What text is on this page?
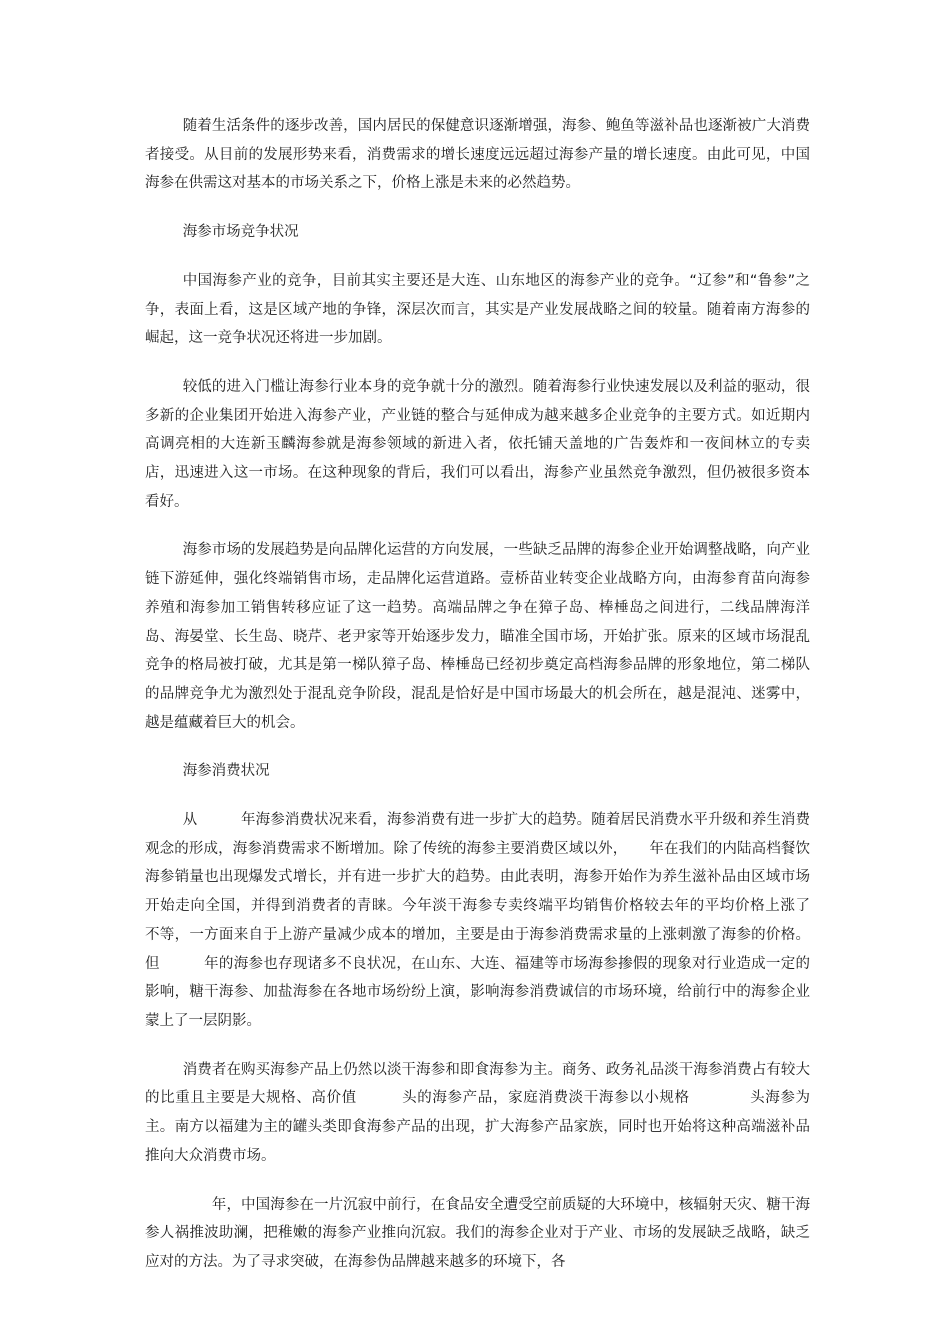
随着生活条件的逐步改善，国内居民的保健意识逐渐增强，海参、鲍鱼等滋补品也逐渐被广大消费者接受。从目前的发展形势来看，消费需求的增长速度远远超过海参产量的增长速度。由此可见，中国海参在供需这对基本的市场关系之下，价格上涨是未来的必然趋势。

海参市场竞争状况

中国海参产业的竞争，目前其实主要还是大连、山东地区的海参产业的竞争。“辽参”和“鲁参”之争，表面上看，这是区域产地的争锋，深层次而言，其实是产业发展战略之间的较量。随着南方海参的崛起，这一竞争状况还将进一步加剧。

较低的进入门槛让海参行业本身的竞争就十分的激烈。随着海参行业快速发展以及利益的驱动，很多新的企业集团开始进入海参产业，产业链的整合与延伸成为越来越多企业竞争的主要方式。如近期内高调亮相的大连新玉麟海参就是海参领域的新进入者，依托铺天盖地的广告轰炸和一夜间林立的专卖店，迅速进入这一市场。在这种现象的背后，我们可以看出，海参产业虽然竞争激烈，但仍被很多资本看好。

海参市场的发展趋势是向品牌化运营的方向发展，一些缺乏品牌的海参企业开始调整战略，向产业链下游延伸，强化终端销售市场，走品牌化运营道路。壹桥苗业转变企业战略方向，由海参育苗向海参养殖和海参加工销售转移应证了这一趋势。高端品牌之争在獐子岛、棒棰岛之间进行，二线品牌海洋岛、海晏堂、长生岛、晓芹、老尹家等开始逐步发力，瞄准全国市场，开始扩张。原来的区域市场混乱竞争的格局被打破，尤其是第一梯队獐子岛、棒棰岛已经初步奠定高档海参品牌的形象地位，第二梯队的品牌竞争尤为激烈处于混乱竞争阶段，混乱是恰好是中国市场最大的机会所在，越是混沌、迷雾中，越是蕴藏着巨大的机会。

海参消费状况

从　　　年海参消费状况来看，海参消费有进一步扩大的趋势。随着居民消费水平升级和养生消费观念的形成，海参消费需求不断增加。除了传统的海参主要消费区域以外，　　年在我们的内陆高档餐饮海参销量也出现爆发式增长，并有进一步扩大的趋势。由此表明，海参开始作为养生滋补品由区域市场开始走向全国，并得到消费者的青睐。今年淡干海参专卖终端平均销售价格较去年的平均价格上涨了　　　　不等，一方面来自于上游产量减少成本的增加，主要是由于海参消费需求量的上涨刺激了海参的价格。但　　　年的海参也存现诸多不良状况，在山东、大连、福建等市场海参掺假的现象对行业造成一定的影响，糖干海参、加盐海参在各地市场纷纷上演，影响海参消费诚信的市场环境，给前行中的海参企业蒙上了一层阴影。

消费者在购买海参产品上仍然以淡干海参和即食海参为主。商务、政务礼品淡干海参消费占有较大的比重且主要是大规格、高价值　　　头的海参产品，家庭消费淡干海参以小规格　　　　头海参为主。南方以福建为主的罐头类即食海参产品的出现，扩大海参产品家族，同时也开始将这种高端滋补品推向大众消费市场。

　　年，中国海参在一片沉寂中前行，在食品安全遭受空前质疑的大环境中，核辐射天灾、糖干海参人祸推波助澜，把稚嫩的海参产业推向沉寂。我们的海参企业对于产业、市场的发展缺乏战略，缺乏应对的方法。为了寻求突破，在海参伪品牌越来越多的环境下，各
